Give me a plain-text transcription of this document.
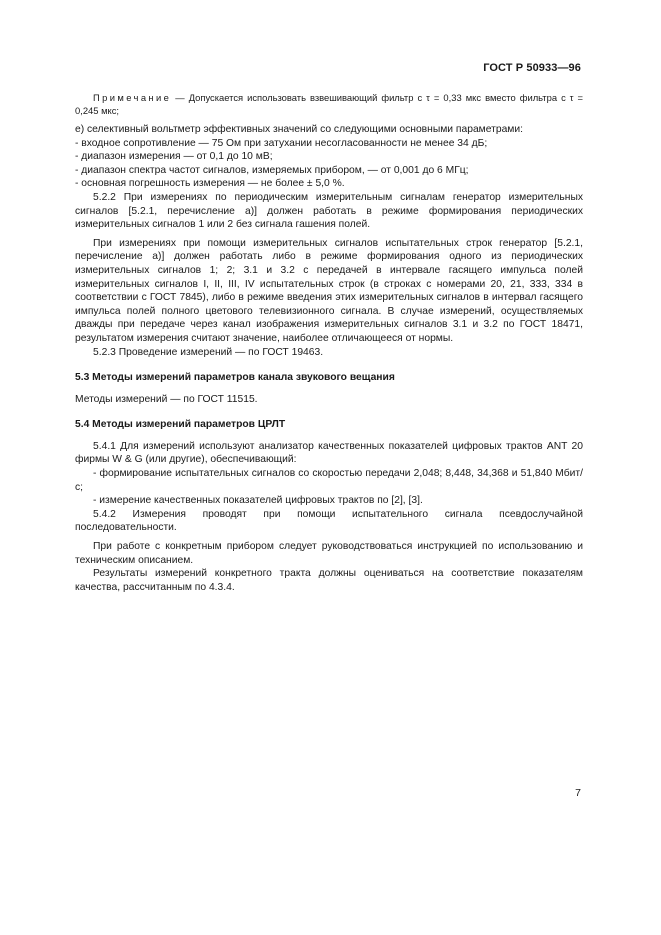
ГОСТ Р 50933—96

Примечание — Допускается использовать взвешивающий фильтр с τ = 0,33 мкс вместо фильтра с τ = 0,245 мкс;

е) селективный вольтметр эффективных значений со следующими основными параметрами:

- входное сопротивление — 75 Ом при затухании несогласованности не менее 34 дБ;

- диапазон измерения — от 0,1 до 10 мВ;

- диапазон спектра частот сигналов, измеряемых прибором, — от 0,001 до 6 МГц;

- основная погрешность измерения — не более ± 5,0 %.

5.2.2 При измерениях по периодическим измерительным сигналам генератор измерительных сигналов [5.2.1, перечисление а)] должен работать в режиме формирования периодических измерительных сигналов 1 или 2 без сигнала гашения полей.

При измерениях при помощи измерительных сигналов испытательных строк генератор [5.2.1, перечисление а)] должен работать либо в режиме формирования одного из периодических измерительных сигналов 1; 2; 3.1 и 3.2 с передачей в интервале гасящего импульса полей измерительных сигналов I, II, III, IV испытательных строк (в строках с номерами 20, 21, 333, 334 в соответствии с ГОСТ 7845), либо в режиме введения этих измерительных сигналов в интервал гасящего импульса полей полного цветового телевизионного сигнала. В случае измерений, осуществляемых дважды при передаче через канал изображения измерительных сигналов 3.1 и 3.2 по ГОСТ 18471, результатом измерения считают значение, наиболее отличающееся от нормы.

5.2.3 Проведение измерений — по ГОСТ 19463.

5.3 Методы измерений параметров канала звукового вещания

Методы измерений — по ГОСТ 11515.

5.4 Методы измерений параметров ЦРЛТ

5.4.1 Для измерений используют анализатор качественных показателей цифровых трактов ANT 20 фирмы W & G (или другие), обеспечивающий:

- формирование испытательных сигналов со скоростью передачи 2,048; 8,448, 34,368 и 51,840 Мбит/с;

- измерение качественных показателей цифровых трактов по [2], [3].

5.4.2 Измерения проводят при помощи испытательного сигнала псевдослучайной последовательности.

При работе с конкретным прибором следует руководствоваться инструкцией по использованию и техническим описанием.

Результаты измерений конкретного тракта должны оцениваться на соответствие показателям качества, рассчитанным по 4.3.4.

7
